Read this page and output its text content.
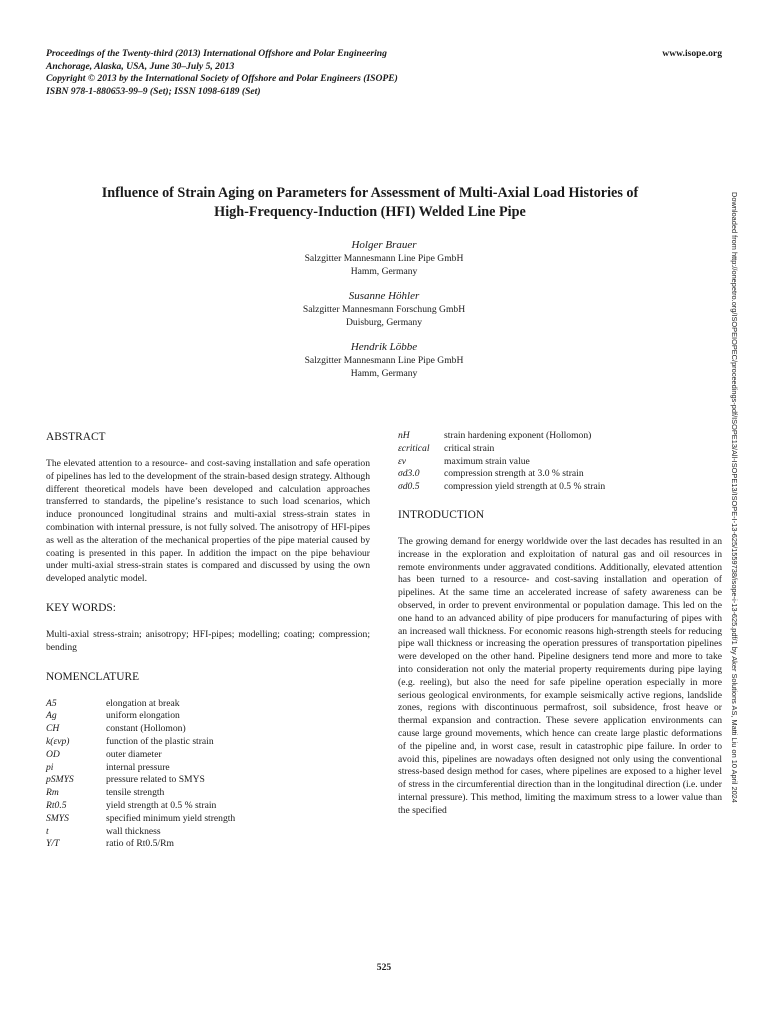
Proceedings of the Twenty-third (2013) International Offshore and Polar Engineering
Anchorage, Alaska, USA, June 30–July 5, 2013
Copyright © 2013 by the International Society of Offshore and Polar Engineers (ISOPE)
ISBN 978-1-880653-99–9 (Set); ISSN 1098-6189 (Set)
www.isope.org
Influence of Strain Aging on Parameters for Assessment of Multi-Axial Load Histories of
High-Frequency-Induction (HFI) Welded Line Pipe
Holger Brauer
Salzgitter Mannesmann Line Pipe GmbH
Hamm, Germany
Susanne Höhler
Salzgitter Mannesmann Forschung GmbH
Duisburg, Germany
Hendrik Löbbe
Salzgitter Mannesmann Line Pipe GmbH
Hamm, Germany	Downloaded from http://onepetro.org/ISOPEIOPEC/proceedings-pdf/ISOPE13/All-ISOPE13/ISOPE-I-13-625/1559738/isope-i-13-625.pdf/1 by Aker Solutions AS, Matti Liu on 10 April 2024
ABSTRACT
The elevated attention to a resource- and cost-saving installation and safe operation of pipelines has led to the development of the strain-based design strategy. Although different theoretical models have been developed and calculation approaches transferred to standards, the pipeline’s resistance to such load scenarios, which induce pronounced longitudinal strains and multi-axial stress-strain states in combination with internal pressure, is not fully solved. The anisotropy of HFI-pipes as well as the alteration of the mechanical properties of the pipe material caused by coating is presented in this paper. In addition the impact on the pipe behaviour under multi-axial stress-strain states is compared and discussed by using the own developed analytic model.
KEY WORDS:
Multi-axial stress-strain; anisotropy; HFI-pipes; modelling; coating; compression; bending
NOMENCLATURE
A5	elongation at break
Ag	uniform elongation
CH	constant (Hollomon)
k(εvp)	function of the plastic strain
OD	outer diameter
pi	internal pressure
pSMYS	pressure related to SMYS
Rm	tensile strength
Rt0.5	yield strength at 0.5 % strain
SMYS	specified minimum yield strength
t	wall thickness
Y/T	ratio of Rt0.5/Rm
nH	strain hardening exponent (Hollomon)
εcritical	critical strain
εv	maximum strain value
σd3.0	compression strength at 3.0 % strain
σd0.5	compression yield strength at 0.5 % strain
INTRODUCTION
The growing demand for energy worldwide over the last decades has resulted in an increase in the exploration and exploitation of natural gas and oil resources in remote environments under aggravated conditions. Additionally, elevated attention has been turned to a resource- and cost-saving installation and operation of pipelines. At the same time an accelerated increase of safety awareness can be observed, in order to prevent environmental or population damage. This led on the one hand to an advanced ability of pipe producers for manufacturing of pipes with an increased wall thickness. For economic reasons high-strength steels for reducing pipe wall thickness or increasing the operation pressures of transportation pipelines were developed on the other hand. Pipeline designers tend more and more to take into consideration not only the material property requirements during pipe laying (e.g. reeling), but also the need for safe pipeline operation especially in more serious geological environments, for example seismically active regions, landslide zones, regions with discontinuous permafrost, soil subsidence, frost heave or thermal expansion and contraction. These severe application environments can cause large ground movements, which hence can create large plastic deformations of the pipeline and, in worst case, result in catastrophic pipe failure. In order to avoid this, pipelines are nowadays often designed not only using the conventional stress-based design method for cases, where pipelines are exposed to a higher level of stress in the circumferential direction than in the longitudinal direction (i.e. under internal pressure). This method, limiting the maximum stress to a lower value than the specified
525
